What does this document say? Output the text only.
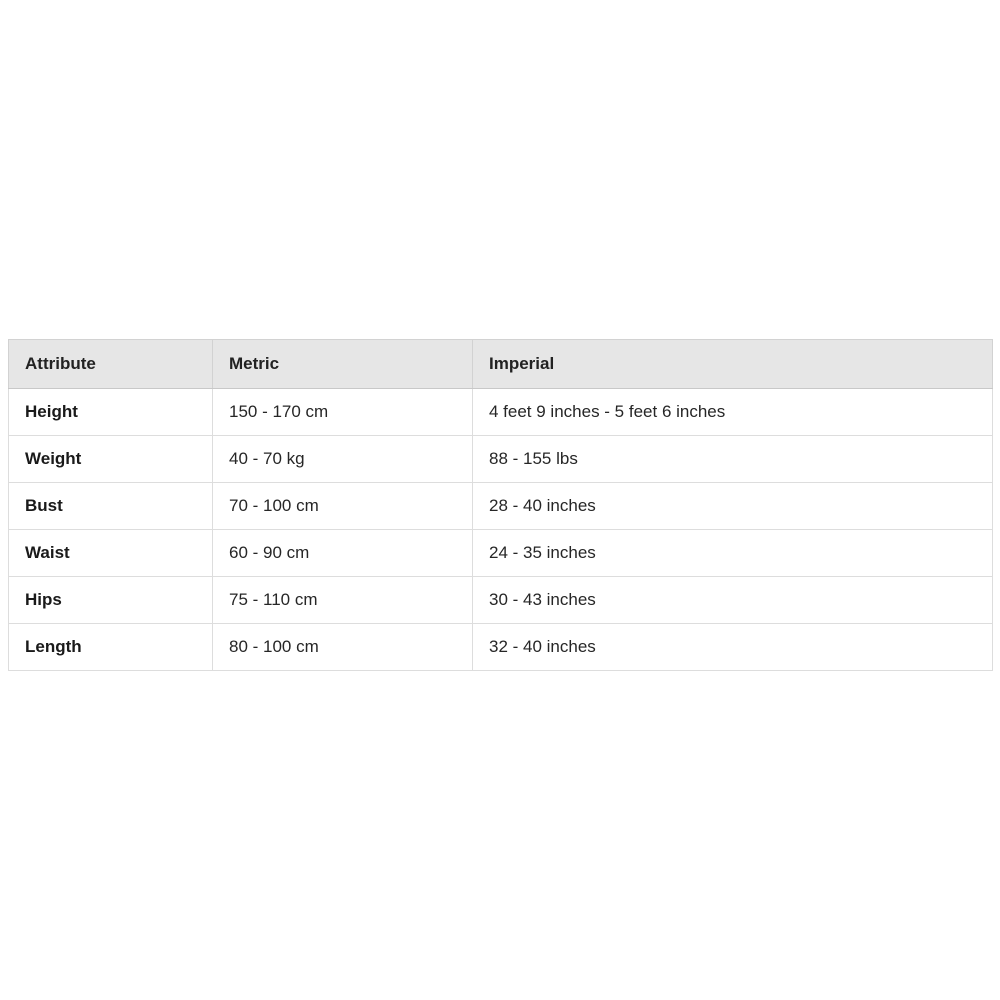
Attribute	Metric	Imperial
Height	150 - 170 cm	4 feet 9 inches - 5 feet 6 inches
Weight	40 - 70 kg	88 - 155 lbs
Bust	70 - 100 cm	28 - 40 inches
Waist	60 - 90 cm	24 - 35 inches
Hips	75 - 110 cm	30 - 43 inches
Length	80 - 100 cm	32 - 40 inches
